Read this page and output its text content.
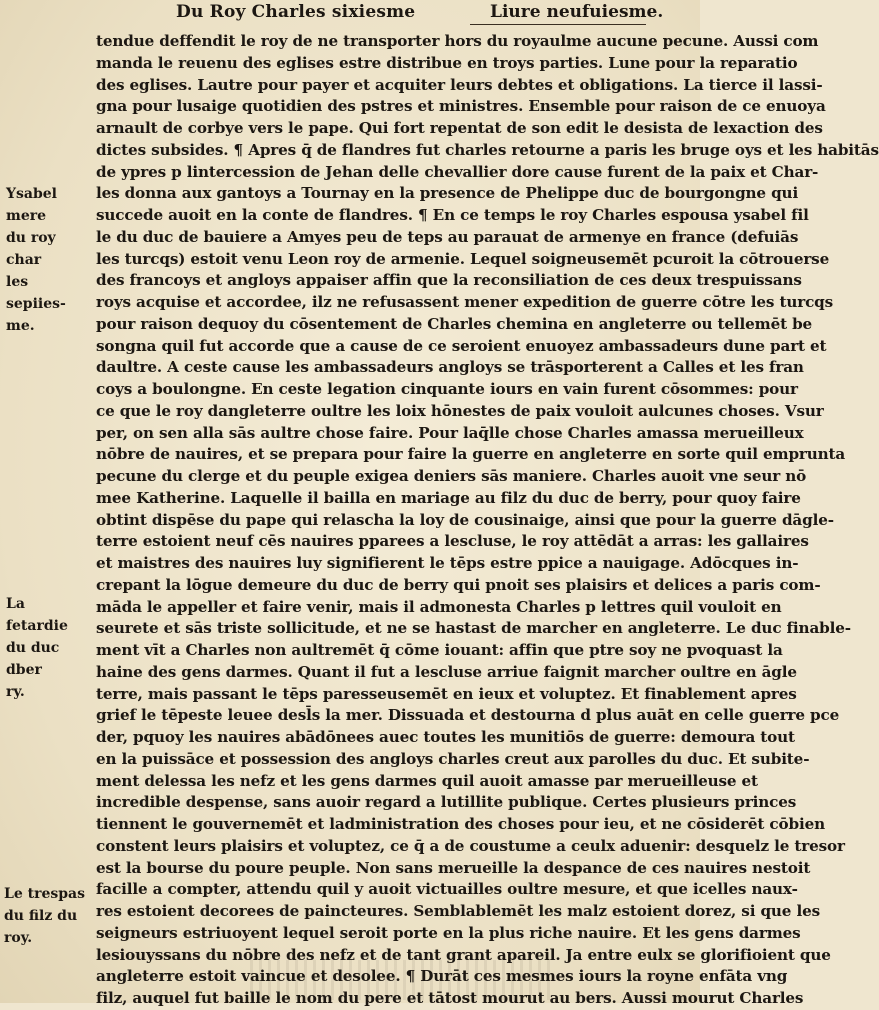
Du Roy Charles sixiesme	Liure neufuiesme.
Ysabel mere
du roy char
les sepiies-
me.
La fetardie
du duc dber
ry.
Le trespas
du filz du
roy.
tendue deffendit le roy de ne transporter hors du royaulme aucune pecune. Aussi com
manda le reuenu des eglises estre distribue en troys parties. Lune pour la reparatio
des eglises. Lautre pour payer et acquiter leurs debtes et obligations. La tierce il lassi-
gna pour lusaige quotidien des pstres et ministres. Ensemble pour raison de ce enuoya
arnault de corbye vers le pape. Qui fort repentat de son edit le desista de lexaction des
dictes subsides. ¶ Apres q̄ de flandres fut charles retourne a paris les bruge oys et les habitās
de ypres p lintercession de Jehan delle chevallier dore cause furent de la paix et Char-
les donna aux gantoys a Tournay en la presence de Phelippe duc de bourgongne qui
succede auoit en la conte de flandres. ¶ En ce temps le roy Charles espousa ysabel fil
le du duc de bauiere a Amyes peu de teps au parauat de armenye en france (defuiās
les turcqs) estoit venu Leon roy de armenie. Lequel soigneusemēt pcuroit la cōtrouerse
des francoys et angloys appaiser affin que la reconsiliation de ces deux trespuissans
roys acquise et accordee, ilz ne refusassent mener expedition de guerre cōtre les turcqs
pour raison dequoy du cōsentement de Charles chemina en angleterre ou tellemēt be
songna quil fut accorde que a cause de ce seroient enuoyez ambassadeurs dune part et
daultre. A ceste cause les ambassadeurs angloys se trāsporterent a Calles et les fran
coys a boulongne. En ceste legation cinquante iours en vain furent cōsommes: pour
ce que le roy dangleterre oultre les loix hōnestes de paix vouloit aulcunes choses. Vsur
per, on sen alla sās aultre chose faire. Pour laq̄lle chose Charles amassa merueilleux
nōbre de nauires, et se prepara pour faire la guerre en angleterre en sorte quil empruntа
pecune du clerge et du peuple exigea deniers sās maniere. Charles auoit vne seur nō
mee Katherine. Laquelle il bailla en mariage au filz du duc de berry, pour quoy faire
obtint dispēse du pape qui relascha la loy de cousinaige, ainsi que pour la guerre dāgle-
terre estoient neuf cēs nauires pparees a lescluse, le roy attēdāt a arras: les gallaires
et maistres des nauires luy signifierent le tēps estre ppice a nauigage. Adōcques in-
crepant la lōgue demeure du duc de berry qui pnoit ses plaisirs et delices a paris com-
māda le appeller et faire venir, mais il admonesta Charles p lettres quil vouloit en
seurete et sās triste sollicitude, et ne se hastast de marcher en angleterre. Le duc finable-
ment vīt a Charles non aultremēt q̄ cōme iouant: affin que ptre soy ne pvoquast la
haine des gens darmes. Quant il fut a lescluse arriue faignit marcher oultre en āgle
terre, mais passant le tēps paresseusemēt en ieux et voluptez. Et finablement apres
grief le tēpeste leuee desl̄s la mer. Dissuada et destourna d plus auāt en celle guerre pce
der, pquoy les nauires abādōnees auec toutes les munitiōs de guerre: demoura tout
en la puissāce et possession des angloys charles creut aux parolles du duc. Et subite-
ment delessa les nefz et les gens darmes quil auoit amasse par merueilleuse et
incredible despense, sans auoir regard a lutillite publique. Certes plusieurs princes
tiennent le gouvernemēt et ladministration des choses pour ieu, et ne cōsiderēt cōbien
constent leurs plaisirs et voluptez, ce q̄ a de coustume a ceulx aduenir: desquelz le tresor
est la bourse du poure peuple. Non sans merueille la despance de ces nauires nestoit
facille a compter, attendu quil y auoit victuailles oultre mesure, et que icelles naux-
res estoient decorees de paincteures. Semblablemēt les malz estoient dorez, si que les
seigneurs estriuoyent lequel seroit porte en la plus riche nauire. Et les gens darmes
lesiouyssans du nōbre des nefz et de tant grant apareil. Ja entre eulx se glorifioient que
angleterre estoit vaincue et desolee. ¶ Durāt ces mesmes iours la royne enfāta vng
filz, auquel fut baille le nom du pere et tātost mourut au bers. Aussi mourut Charles
